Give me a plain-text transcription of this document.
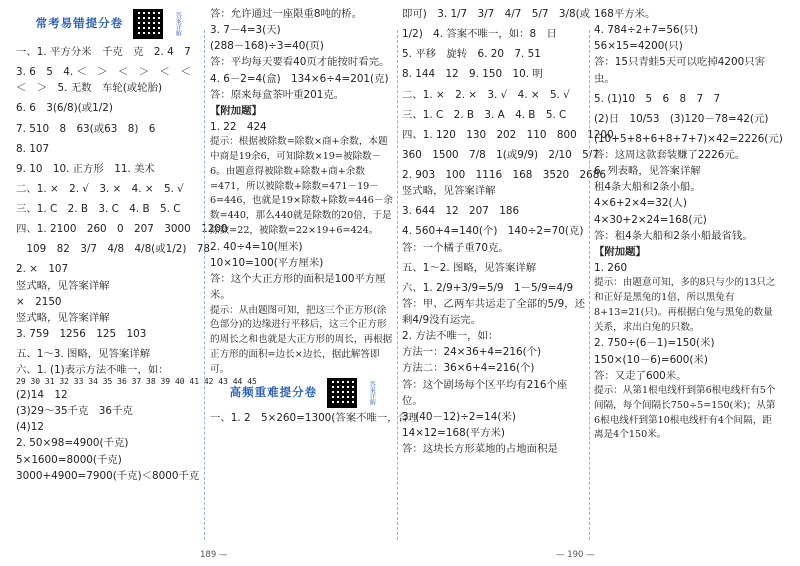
常考易错提分卷	答案详解
一、1. 平方分米　千克　克　2. 4　7
3. 6　5　4. ＜　＞　＜　＞　＜　＜
＜　＞　5. 无数　车轮(或轮胎)
6. 6　3(6/8)(或1/2)
7. 510　8　63(或63　8)　6
8. 107
9. 10　10. 正方形　11. 美术
二、1. ×　2. √　3. ×　4. ×　5. √
三、1. C　2. B　3. C　4. B　5. C
四、1. 2100　260　0　207　3000　1200
　109　82　3/7　4/8　4/8(或1/2)　78
2. ×　107
竖式略，见答案详解
×　2150
竖式略，见答案详解
3. 759　1256　125　103
五、1～3. 图略，见答案详解
六、1. (1)表示方法不唯一，如：
29 30 31 32 33 34 35 36 37 38 39 40 41 42 43 44 45
(2)14　12
(3)29～35千克　36千克
(4)12
2. 50×98=4900(千克)
5×1600=8000(千克)
3000+4900=7900(千克)＜8000千克
答：允许通过一座限重8吨的桥。
3. 7－4=3(天)
(288－168)÷3=40(页)
答：平均每天要看40页才能按时看完。
4. 6－2=4(盒)　134×6÷4=201(克)
答：原来每盒茶叶重201克。
【附加题】
1. 22　424
提示：根据被除数=除数×商+余数，本题中商是19余6，可知除数×19=被除数－6。由题意得被除数+除数+商+余数=471，所以被除数+除数=471－19－6=446，也就是19×除数+除数=446－余数=440，那么440就是除数的20倍，于是除数=22，被除数=22×19+6=424。
2. 40÷4=10(厘米)
10×10=100(平方厘米)
答：这个大正方形的面积是100平方厘米。
提示：从由题图可知，把这三个正方形(涂色部分)的边缘进行平移后，这三个正方形的周长之和也就是大正方形的周长，再根据正方形的面积=边长×边长，据此解答即可。
高频重难提分卷	答案详解
一、1. 2　5×260=1300(答案不唯一，合理
即可)　3. 1/7　3/7　4/7　5/7　3/8(或
1/2)　4. 答案不唯一，如：8　日
5. 平移　旋转　6. 20　7. 51
8. 144　12　9. 150　10. 明
二、1. ×　2. ×　3. √　4. ×　5. √
三、1. C　2. B　3. A　4. B　5. C
四、1. 120　130　202　110　800　1200
360　1500　7/8　1(或9/9)　2/10　5/7
2. 903　100　1116　168　3520　2686
竖式略，见答案详解
3. 644　12　207　186
4. 560+4=140(个)　140÷2=70(克)
答：一个橘子重70克。
五、1～2. 图略，见答案详解
六、1. 2/9+3/9=5/9　1－5/9=4/9
答：甲、乙两车共运走了全部的5/9，还剩4/9没有运完。
2. 方法不唯一，如：
方法一：24×36+4=216(个)
方法二：36×6+4=216(个)
答：这个剧场每个区平均有216个座位。
3. (40－12)÷2=14(米)
14×12=168(平方米)
答：这块长方形菜地的占地面积是
168平方米。
4. 784÷2+7=56(只)
56×15=4200(只)
答：15只青蛙5天可以吃掉4200只害虫。
5. (1)10　5　6　8　7　7
(2)日　10/53　(3)120－78=42(元)
(10+5+8+6+8+7+7)×42=2226(元)
答：这周这款套装赚了2226元。
6. 列表略，见答案详解
租4条大船和2条小船。
4×6+2×4=32(人)
4×30+2×24=168(元)
答：租4条大船和2条小船最省钱。
【附加题】
1. 260
提示：由题意可知，多的8只与少的13只之和正好是黑兔的1倍，所以黑兔有8+13=21(只)。再根据白兔与黑兔的数量关系，求出白兔的只数。
2. 750÷(6－1)=150(米)
150×(10－6)=600(米)
答：又走了600米。
提示：从第1根电线杆到第6根电线杆有5个间隔，每个间隔长750÷5=150(米)；从第6根电线杆到第10根电线杆有4个间隔，距离是4个150米。
189 —	— 190 —
